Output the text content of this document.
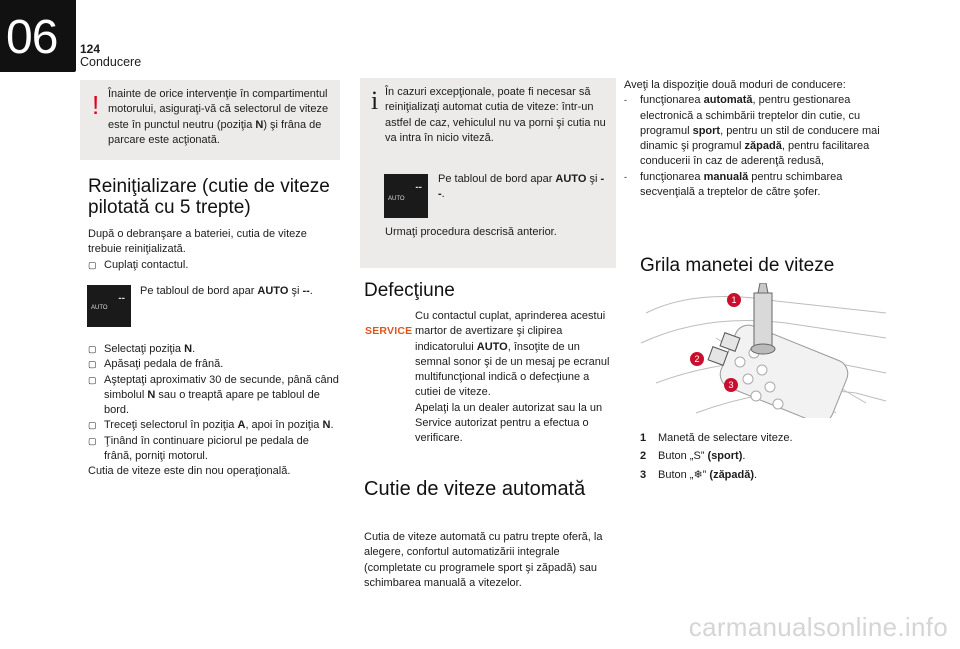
06 124
Conducere
! Înainte de orice intervenţie în compartimentul motorului, asiguraţi-vă că selectorul de viteze este în punctul neutru (poziţia N) şi frâna de parcare este acţionată.
Reiniţializare (cutie de viteze pilotată cu 5 trepte)
După o debranşare a bateriei, cutia de viteze trebuie reiniţializată.
▢ Cuplaţi contactul.
AUTO
--
Pe tabloul de bord apar AUTO şi --.
▢ Selectaţi poziţia N.
▢ Apăsaţi pedala de frână.
▢ Aşteptaţi aproximativ 30 de secunde, până când simbolul N sau o treaptă apare pe tabloul de bord.
▢ Treceţi selectorul în poziţia A, apoi în poziţia N.
▢ Ţinând în continuare piciorul pe pedala de frână, porniţi motorul.
Cutia de viteze este din nou operaţională.
i În cazuri excepţionale, poate fi necesar să reiniţializaţi automat cutia de viteze: într-un astfel de caz, vehiculul nu va porni şi cutia nu va intra în nicio viteză.
AUTO
--
Pe tabloul de bord apar AUTO şi --.
Urmaţi procedura descrisă anterior.
Defecţiune
SERVICE
Cu contactul cuplat, aprinderea acestui martor de avertizare şi clipirea indicatorului AUTO, însoţite de un semnal sonor şi de un mesaj pe ecranul multifuncţional indică o defecţiune a cutiei de viteze.
Apelaţi la un dealer autorizat sau la un Service autorizat pentru a efectua o verificare.
Cutie de viteze automată
Cutia de viteze automată cu patru trepte oferă, la alegere, confortul automatizării integrale (completate cu programele sport şi zăpadă) sau schimbarea manuală a vitezelor.
Aveţi la dispoziţie două moduri de conducere:
-	funcţionarea automată, pentru gestionarea electronică a schimbării treptelor din cutie, cu programul sport, pentru un stil de conducere mai dinamic şi programul zăpadă, pentru facilitarea conducerii în caz de aderenţă redusă,
-	funcţionarea manuală pentru schimbarea secvenţială a treptelor de către şofer.
Grila manetei de viteze
1
2
3
1 Manetă de selectare viteze.
2 Buton „S” (sport).
3 Buton „❄” (zăpadă).
carmanualsonline.info
